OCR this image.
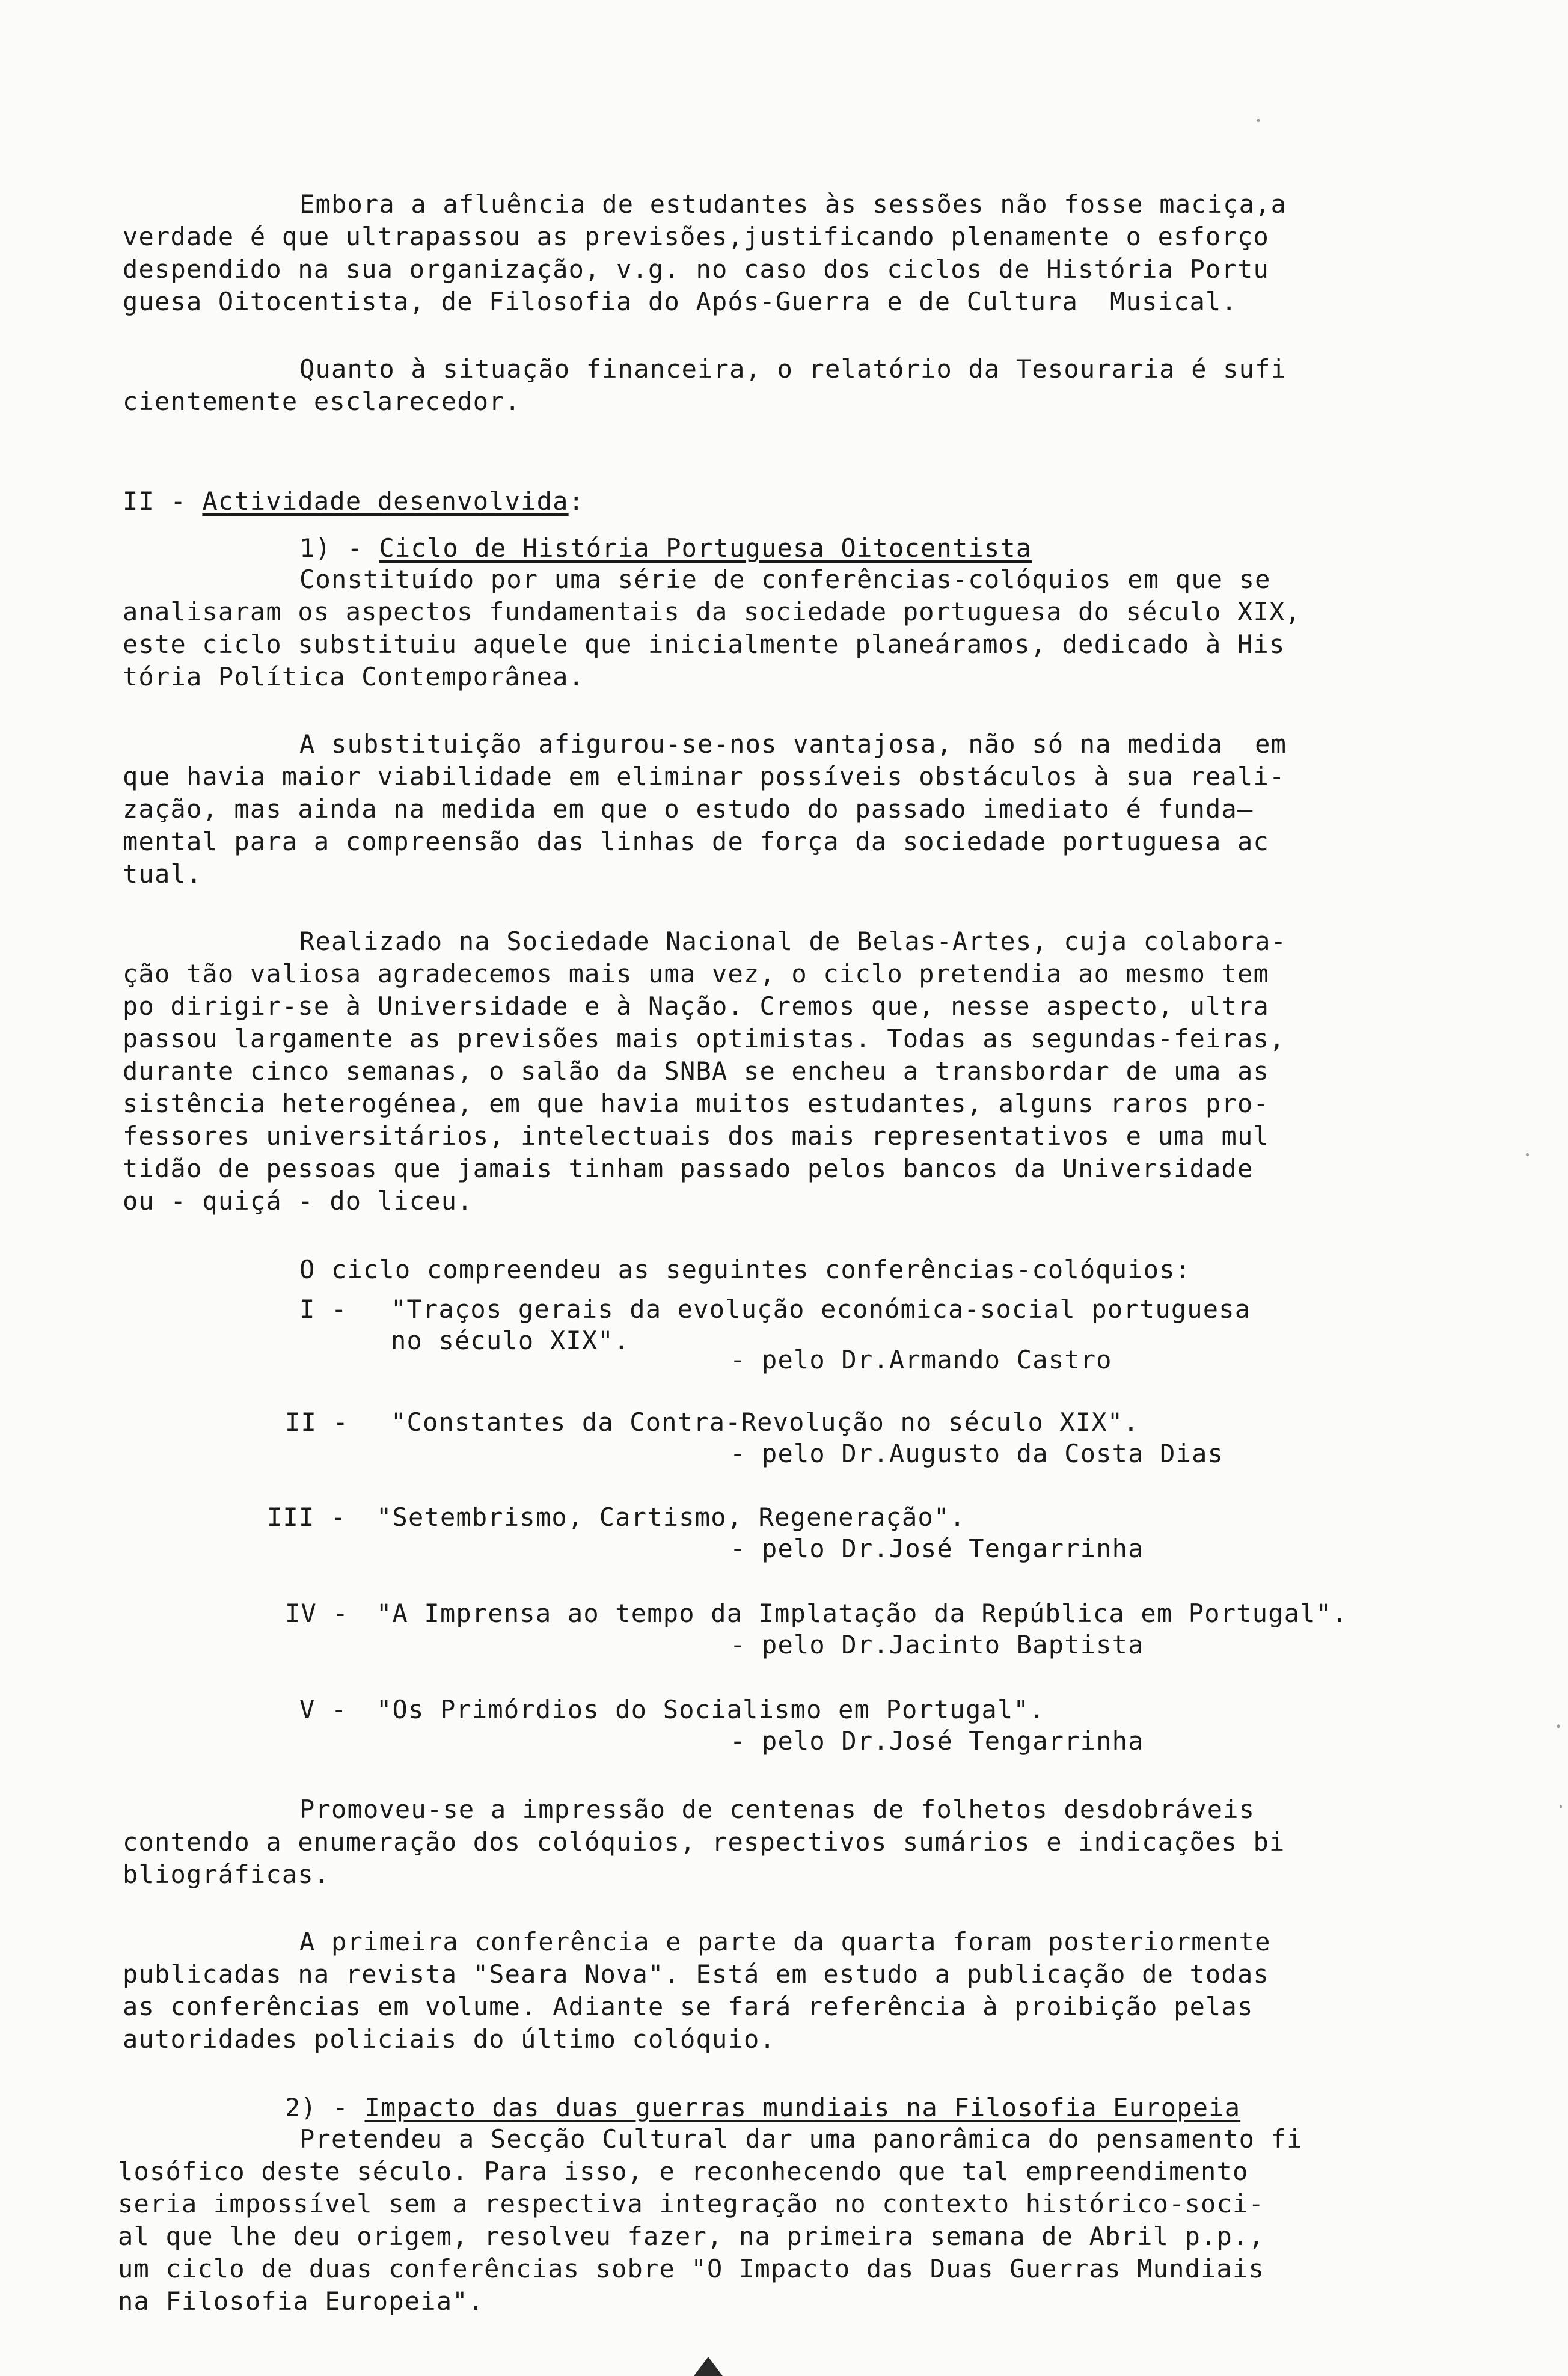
Embora a afluência de estudantes às sessões não fosse maciça,a
verdade é que ultrapassou as previsões,justificando plenamente o esforço
despendido na sua organização, v.g. no caso dos ciclos de História Portu
guesa Oitocentista, de Filosofia do Após-Guerra e de Cultura  Musical.
Quanto à situação financeira, o relatório da Tesouraria é sufi
cientemente esclarecedor.
II - Actividade desenvolvida:
1) - Ciclo de História Portuguesa Oitocentista
Constituído por uma série de conferências-colóquios em que se
analisaram os aspectos fundamentais da sociedade portuguesa do século XIX,
este ciclo substituiu aquele que inicialmente planeáramos, dedicado à His
tória Política Contemporânea.
A substituição afigurou-se-nos vantajosa, não só na medida  em
que havia maior viabilidade em eliminar possíveis obstáculos à sua reali-
zação, mas ainda na medida em que o estudo do passado imediato é funda—
mental para a compreensão das linhas de força da sociedade portuguesa ac
tual.
Realizado na Sociedade Nacional de Belas-Artes, cuja colabora-
ção tão valiosa agradecemos mais uma vez, o ciclo pretendia ao mesmo tem
po dirigir-se à Universidade e à Nação. Cremos que, nesse aspecto, ultra
passou largamente as previsões mais optimistas. Todas as segundas-feiras,
durante cinco semanas, o salão da SNBA se encheu a transbordar de uma as
sistência heterogénea, em que havia muitos estudantes, alguns raros pro-
fessores universitários, intelectuais dos mais representativos e uma mul
tidão de pessoas que jamais tinham passado pelos bancos da Universidade
ou - quiçá - do liceu.
O ciclo compreendeu as seguintes conferências-colóquios:
I - "Traços gerais da evolução económica-social portuguesa
no século XIX".
- pelo Dr.Armando Castro
II - "Constantes da Contra-Revolução no século XIX".
- pelo Dr.Augusto da Costa Dias
III - "Setembrismo, Cartismo, Regeneração".
- pelo Dr.José Tengarrinha
IV - "A Imprensa ao tempo da Implatação da República em Portugal".
- pelo Dr.Jacinto Baptista
V - "Os Primórdios do Socialismo em Portugal".
- pelo Dr.José Tengarrinha
Promoveu-se a impressão de centenas de folhetos desdobráveis
contendo a enumeração dos colóquios, respectivos sumários e indicações bi
bliográficas.
A primeira conferência e parte da quarta foram posteriormente
publicadas na revista "Seara Nova". Está em estudo a publicação de todas
as conferências em volume. Adiante se fará referência à proibição pelas
autoridades policiais do último colóquio.
2) - Impacto das duas guerras mundiais na Filosofia Europeia
Pretendeu a Secção Cultural dar uma panorâmica do pensamento fi
losófico deste século. Para isso, e reconhecendo que tal empreendimento
seria impossível sem a respectiva integração no contexto histórico-soci-
al que lhe deu origem, resolveu fazer, na primeira semana de Abril p.p.,
um ciclo de duas conferências sobre "O Impacto das Duas Guerras Mundiais
na Filosofia Europeia".
